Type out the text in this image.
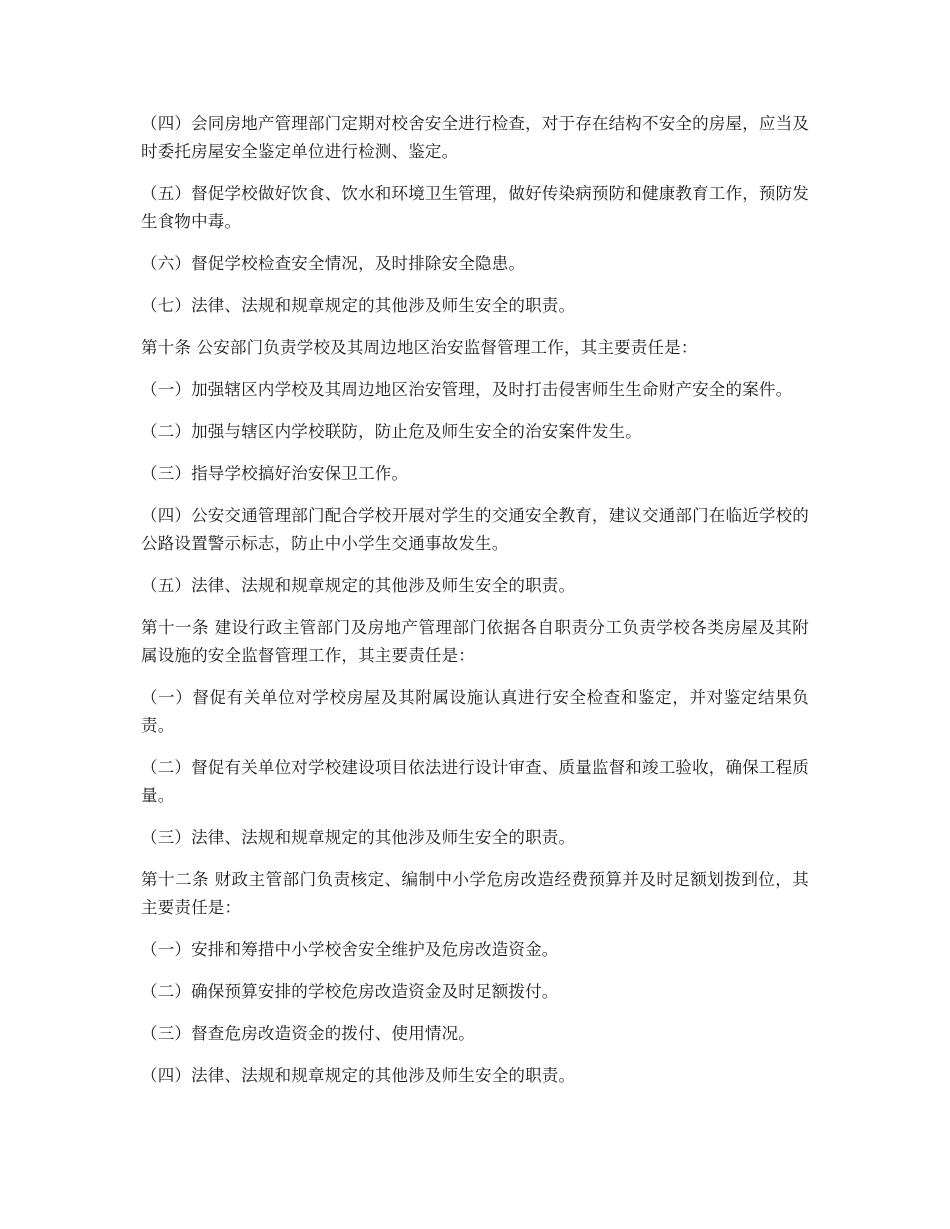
（四）会同房地产管理部门定期对校舍安全进行检查，对于存在结构不安全的房屋，应当及时委托房屋安全鉴定单位进行检测、鉴定。

（五）督促学校做好饮食、饮水和环境卫生管理，做好传染病预防和健康教育工作，预防发生食物中毒。

（六）督促学校检查安全情况，及时排除安全隐患。

（七）法律、法规和规章规定的其他涉及师生安全的职责。

第十条 公安部门负责学校及其周边地区治安监督管理工作，其主要责任是：

（一）加强辖区内学校及其周边地区治安管理，及时打击侵害师生生命财产安全的案件。

（二）加强与辖区内学校联防，防止危及师生安全的治安案件发生。

（三）指导学校搞好治安保卫工作。

（四）公安交通管理部门配合学校开展对学生的交通安全教育，建议交通部门在临近学校的公路设置警示标志，防止中小学生交通事故发生。

（五）法律、法规和规章规定的其他涉及师生安全的职责。

第十一条 建设行政主管部门及房地产管理部门依据各自职责分工负责学校各类房屋及其附属设施的安全监督管理工作，其主要责任是：

（一）督促有关单位对学校房屋及其附属设施认真进行安全检查和鉴定，并对鉴定结果负责。

（二）督促有关单位对学校建设项目依法进行设计审查、质量监督和竣工验收，确保工程质量。

（三）法律、法规和规章规定的其他涉及师生安全的职责。

第十二条 财政主管部门负责核定、编制中小学危房改造经费预算并及时足额划拨到位，其主要责任是：

（一）安排和筹措中小学校舍安全维护及危房改造资金。

（二）确保预算安排的学校危房改造资金及时足额拨付。

（三）督查危房改造资金的拨付、使用情况。

（四）法律、法规和规章规定的其他涉及师生安全的职责。
